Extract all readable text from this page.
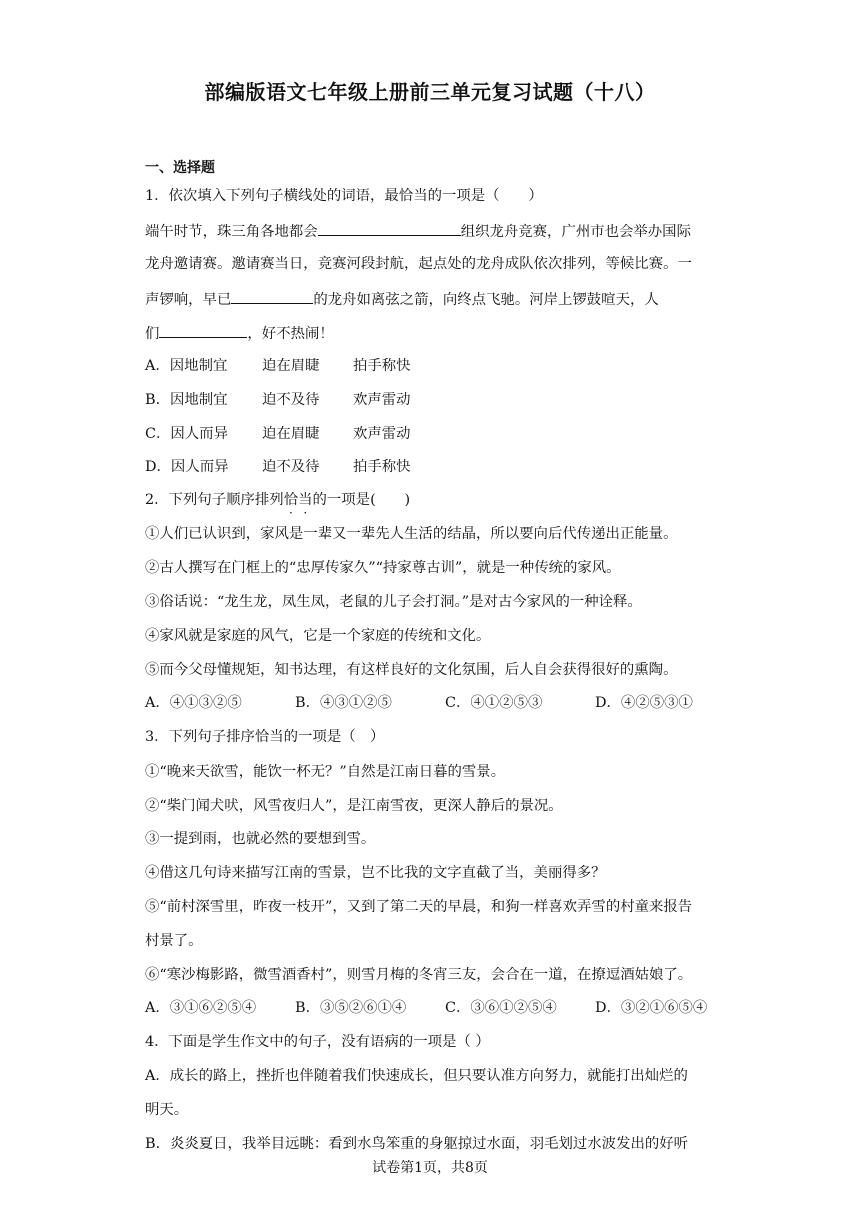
部编版语文七年级上册前三单元复习试题（十八）
一、选择题
1．依次填入下列句子横线处的词语，最恰当的一项是（　　）
端午时节，珠三角各地都会	组织龙舟竞赛，广州市也会举办国际
龙舟邀请赛。邀请赛当日，竞赛河段封航，起点处的龙舟成队依次排列，等候比赛。一
声锣响，早已	的龙舟如离弦之箭，向终点飞驰。河岸上锣鼓喧天，人
们	，好不热闹！
A．因地制宜 迫在眉睫 拍手称快
B．因地制宜 迫不及待 欢声雷动
C．因人而异 迫在眉睫 欢声雷动
D．因人而异 迫不及待 拍手称快
2．下列句子顺序排列恰当的一项是(　　)
①人们已认识到，家风是一辈又一辈先人生活的结晶，所以要向后代传递出正能量。
②古人撰写在门框上的“忠厚传家久”“持家尊古训”，就是一种传统的家风。
③俗话说：“龙生龙，凤生凤，老鼠的儿子会打洞。”是对古今家风的一种诠释。
④家风就是家庭的风气，它是一个家庭的传统和文化。
⑤而今父母懂规矩，知书达理，有这样良好的文化氛围，后人自会获得很好的熏陶。
A．④①③②⑤	B．④③①②⑤	C．④①②⑤③	D．④②⑤③①
3．下列句子排序恰当的一项是（　）
①“晚来天欲雪，能饮一杯无？”自然是江南日暮的雪景。
②“柴门闻犬吠，风雪夜归人”，是江南雪夜，更深人静后的景况。
③一提到雨，也就必然的要想到雪。
④借这几句诗来描写江南的雪景，岂不比我的文字直截了当，美丽得多？
⑤“前村深雪里，昨夜一枝开”，又到了第二天的早晨，和狗一样喜欢弄雪的村童来报告
村景了。
⑥“寒沙梅影路，微雪酒香村”，则雪月梅的冬宵三友，会合在一道，在撩逗酒姑娘了。
A．③①⑥②⑤④	B．③⑤②⑥①④	C．③⑥①②⑤④	D．③②①⑥⑤④
4．下面是学生作文中的句子，没有语病的一项是（ ）
A．成长的路上，挫折也伴随着我们快速成长，但只要认准方向努力，就能打出灿烂的
明天。
B．炎炎夏日，我举目远眺：看到水鸟笨重的身躯掠过水面，羽毛划过水波发出的好听
试卷第1页，共8页
